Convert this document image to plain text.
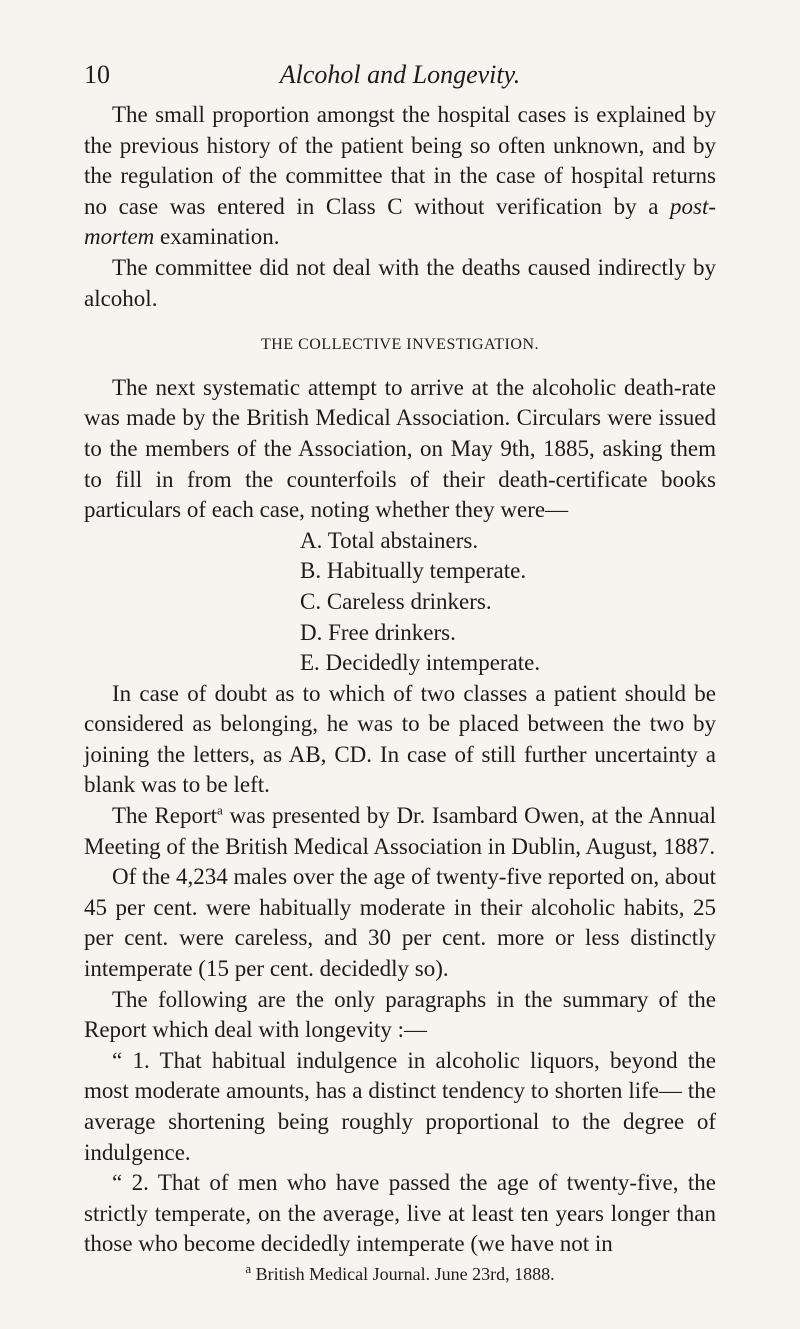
10	Alcohol and Longevity.

The small proportion amongst the hospital cases is explained by the previous history of the patient being so often unknown, and by the regulation of the committee that in the case of hospital returns no case was entered in Class C without verification by a post-mortem examination.

The committee did not deal with the deaths caused indirectly by alcohol.

THE COLLECTIVE INVESTIGATION.

The next systematic attempt to arrive at the alcoholic death-rate was made by the British Medical Association. Circulars were issued to the members of the Association, on May 9th, 1885, asking them to fill in from the counterfoils of their death-certificate books particulars of each case, noting whether they were—

A. Total abstainers.
B. Habitually temperate.
C. Careless drinkers.
D. Free drinkers.
E. Decidedly intemperate.

In case of doubt as to which of two classes a patient should be considered as belonging, he was to be placed between the two by joining the letters, as AB, CD. In case of still further uncertainty a blank was to be left.

The Report$^a$ was presented by Dr. Isambard Owen, at the Annual Meeting of the British Medical Association in Dublin, August, 1887.

Of the 4,234 males over the age of twenty-five reported on, about 45 per cent. were habitually moderate in their alcoholic habits, 25 per cent. were careless, and 30 per cent. more or less distinctly intemperate (15 per cent. decidedly so).

The following are the only paragraphs in the summary of the Report which deal with longevity :—

“ 1. That habitual indulgence in alcoholic liquors, beyond the most moderate amounts, has a distinct tendency to shorten life— the average shortening being roughly proportional to the degree of indulgence.

“ 2. That of men who have passed the age of twenty-five, the strictly temperate, on the average, live at least ten years longer than those who become decidedly intemperate (we have not in

$^a$ British Medical Journal. June 23rd, 1888.
